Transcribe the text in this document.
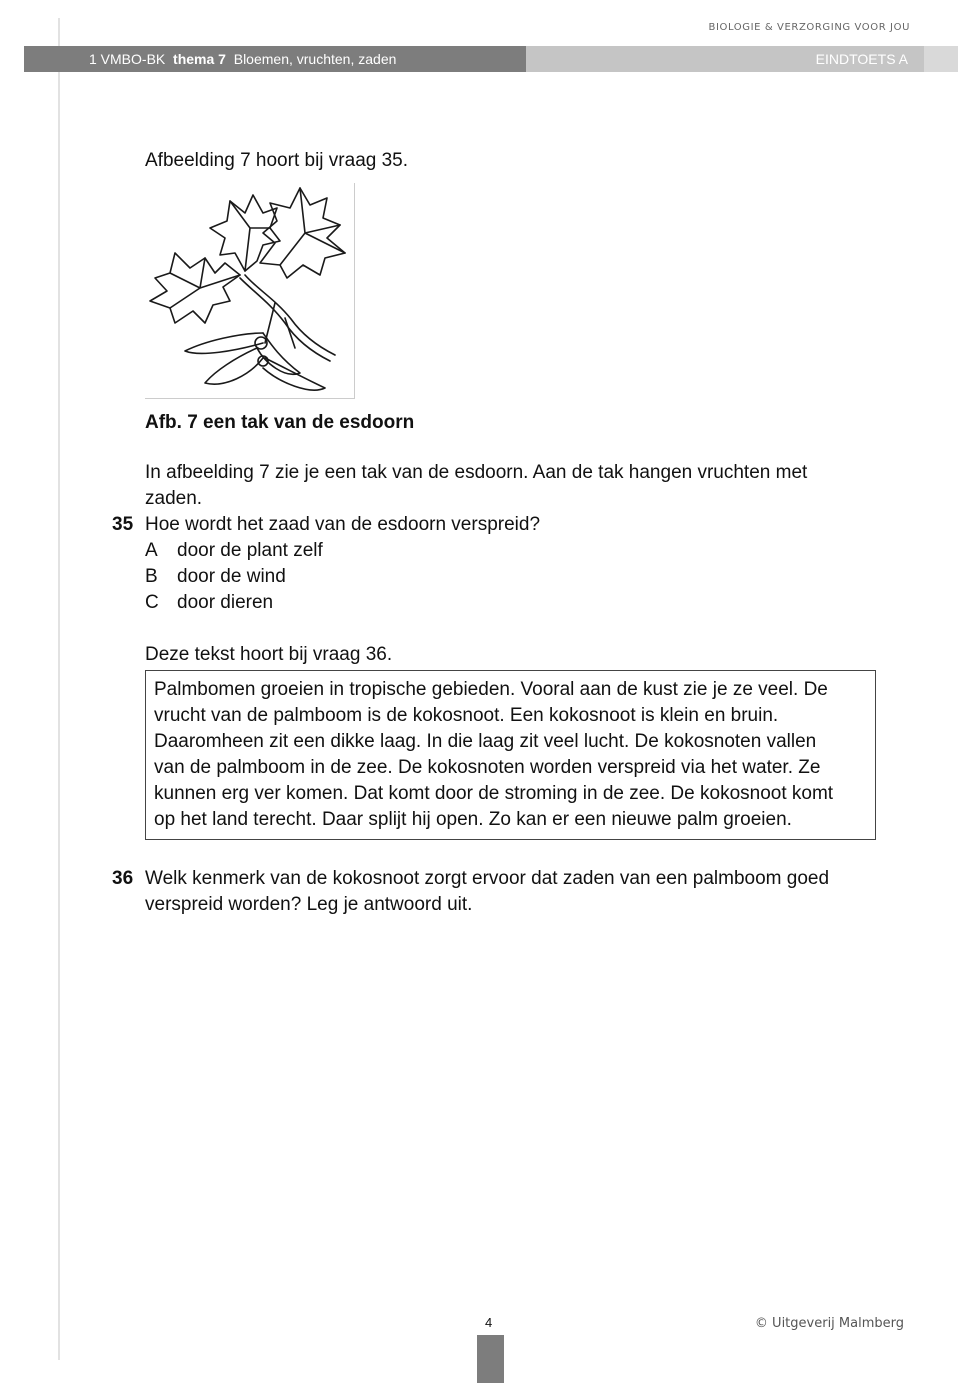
BIOLOGIE & VERZORGING VOOR JOU
1 VMBO-BK thema 7 Bloemen, vruchten, zaden	EINDTOETS A
Afbeelding 7 hoort bij vraag 35.
Afb. 7 een tak van de esdoorn
In afbeelding 7 zie je een tak van de esdoorn. Aan de tak hangen vruchten met
zaden.
35 Hoe wordt het zaad van de esdoorn verspreid?
A door de plant zelf
B door de wind
C door dieren
Deze tekst hoort bij vraag 36.
Palmbomen groeien in tropische gebieden. Vooral aan de kust zie je ze veel. De
vrucht van de palmboom is de kokosnoot. Een kokosnoot is klein en bruin.
Daaromheen zit een dikke laag. In die laag zit veel lucht. De kokosnoten vallen
van de palmboom in de zee. De kokosnoten worden verspreid via het water. Ze
kunnen erg ver komen. Dat komt door de stroming in de zee. De kokosnoot komt
op het land terecht. Daar splijt hij open. Zo kan er een nieuwe palm groeien.
36 Welk kenmerk van de kokosnoot zorgt ervoor dat zaden van een palmboom goed
verspreid worden? Leg je antwoord uit.
4	© Uitgeverij Malmberg
